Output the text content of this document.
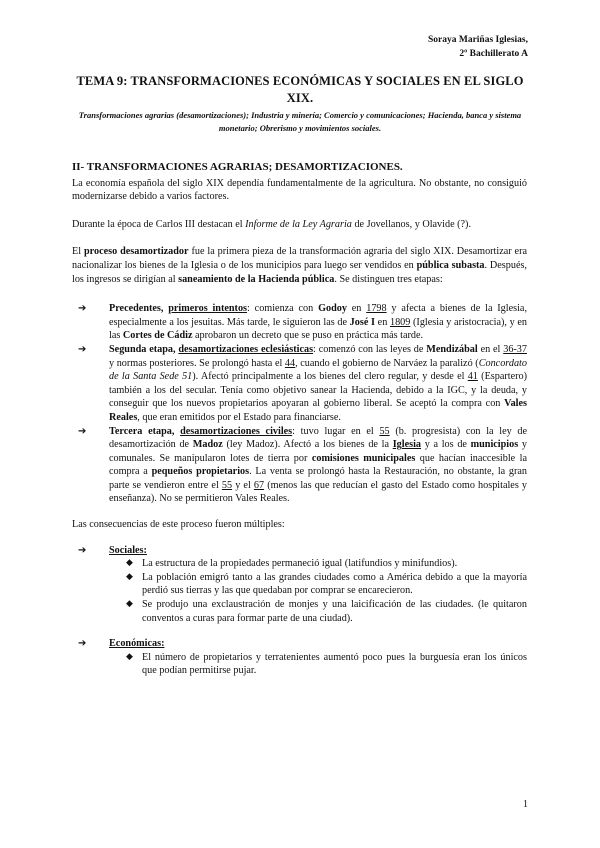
Soraya Mariñas Iglesias,
2º Bachillerato A
TEMA 9: TRANSFORMACIONES ECONÓMICAS Y SOCIALES EN EL SIGLO XIX.
Transformaciones agrarias (desamortizaciones); Industria y minería; Comercio y comunicaciones; Hacienda, banca y sistema monetario; Obrerismo y movimientos sociales.

II- TRANSFORMACIONES AGRARIAS; DESAMORTIZACIONES.

La economía española del siglo XIX dependía fundamentalmente de la agricultura. No obstante, no consiguió modernizarse debido a varios factores.

Durante la época de Carlos III destacan el Informe de la Ley Agraria de Jovellanos, y Olavide (?).

El proceso desamortizador fue la primera pieza de la transformación agraria del siglo XIX. Desamortizar era nacionalizar los bienes de la Iglesia o de los municipios para luego ser vendidos en pública subasta. Después, los ingresos se dirigían al saneamiento de la Hacienda pública. Se distinguen tres etapas:

➔ Precedentes, primeros intentos: comienza con Godoy en 1798 y afecta a bienes de la Iglesia, especialmente a los jesuitas. Más tarde, le siguieron las de José I en 1809 (Iglesia y aristocracia), y en las Cortes de Cádiz aprobaron un decreto que se puso en práctica más tarde.
➔ Segunda etapa, desamortizaciones eclesiásticas: comenzó con las leyes de Mendizábal en el 36-37 y normas posteriores. Se prolongó hasta el 44, cuando el gobierno de Narváez la paralizó (Concordato de la Santa Sede 51). Afectó principalmente a los bienes del clero regular, y desde el 41 (Espartero) también a los del secular. Tenía como objetivo sanear la Hacienda, debido a la IGC, y la deuda, y conseguir que los nuevos propietarios apoyaran al gobierno liberal. Se aceptó la compra con Vales Reales, que eran emitidos por el Estado para financiarse.
➔ Tercera etapa, desamortizaciones civiles: tuvo lugar en el 55 (b. progresista) con la ley de desamortización de Madoz (ley Madoz). Afectó a los bienes de la Iglesia y a los de municipios y comunales. Se manipularon lotes de tierra por comisiones municipales que hacían inaccesible la compra a pequeños propietarios. La venta se prolongó hasta la Restauración, no obstante, la gran parte se vendieron entre el 55 y el 67 (menos las que reducían el gasto del Estado como hospitales y enseñanza). No se permitieron Vales Reales.

Las consecuencias de este proceso fueron múltiples:

➔ Sociales:
◆ La estructura de la propiedades permaneció igual (latifundios y minifundios).
◆ La población emigró tanto a las grandes ciudades como a América debido a que la mayoría perdió sus tierras y las que quedaban por comprar se encarecieron.
◆ Se produjo una exclaustración de monjes y una laicificación de las ciudades. (le quitaron conventos a curas para formar parte de una ciudad).
➔ Económicas:
◆ El número de propietarios y terratenientes aumentó poco pues la burguesía eran los únicos que podían permitirse pujar.
1
